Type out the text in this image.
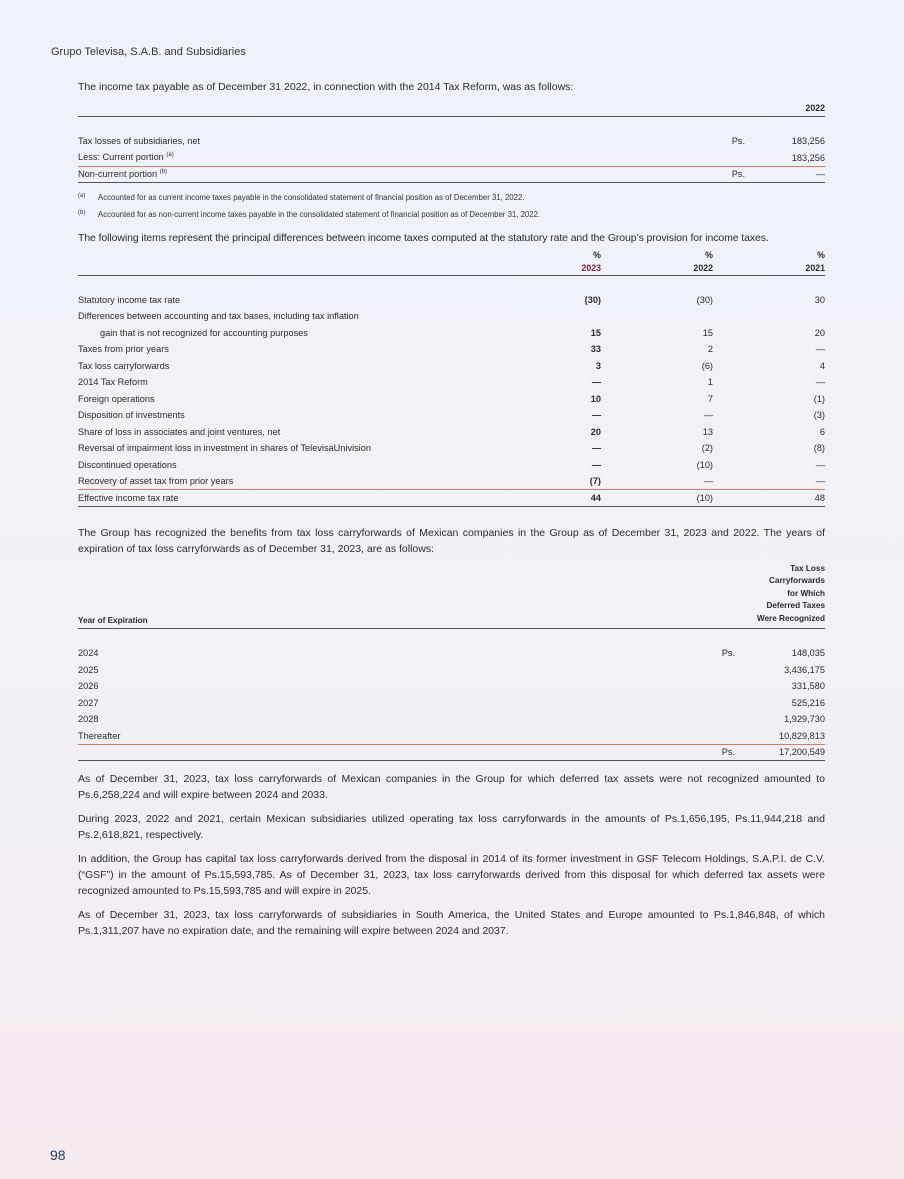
Grupo Televisa, S.A.B. and Subsidiaries

The income tax payable as of December 31 2022, in connection with the 2014 Tax Reform, was as follows:

		2022

Tax losses of subsidiaries, net	Ps.	183,256
Less: Current portion $^{(a)}$		183,256
Non-current portion $^{(b)}$	Ps.	—
(a)	Accounted for as current income taxes payable in the consolidated statement of financial position as of December 31, 2022.
(b)	Accounted for as non-current income taxes payable in the consolidated statement of financial position as of December 31, 2022.

The following items represent the principal differences between income taxes computed at the statutory rate and the Group’s provision for income taxes.

	%	%	%
	2023	2022	2021

Statutory income tax rate	(30)	(30)	30
Differences between accounting and tax bases, including tax inflation			
gain that is not recognized for accounting purposes	15	15	20
Taxes from prior years	33	2	—
Tax loss carryforwards	3	(6)	4
2014 Tax Reform	—	1	—
Foreign operations	10	7	(1)
Disposition of investments	—	—	(3)
Share of loss in associates and joint ventures, net	20	13	6
Reversal of impairment loss in investment in shares of TelevisaUnivision	—	(2)	(8)
Discontinued operations	—	(10)	—
Recovery of asset tax from prior years	(7)	—	—
Effective income tax rate	44	(10)	48

The Group has recognized the benefits from tax loss carryforwards of Mexican companies in the Group as of December 31, 2023 and 2022. The years of expiration of tax loss carryforwards as of December 31, 2023, are as follows:

Year of Expiration		Tax Loss
Carryforwards
for Which
Deferred Taxes
Were Recognized

2024	Ps.	148,035
2025		3,436,175
2026		331,580
2027		525,216
2028		1,929,730
Thereafter		10,829,813
	Ps.	17,200,549

As of December 31, 2023, tax loss carryforwards of Mexican companies in the Group for which deferred tax assets were not recognized amounted to Ps.6,258,224 and will expire between 2024 and 2033.

During 2023, 2022 and 2021, certain Mexican subsidiaries utilized operating tax loss carryforwards in the amounts of Ps.1,656,195, Ps.11,944,218 and Ps.2,618,821, respectively.

In addition, the Group has capital tax loss carryforwards derived from the disposal in 2014 of its former investment in GSF Telecom Holdings, S.A.P.I. de C.V. (“GSF”) in the amount of Ps.15,593,785. As of December 31, 2023, tax loss carryforwards derived from this disposal for which deferred tax assets were recognized amounted to Ps.15,593,785 and will expire in 2025.

As of December 31, 2023, tax loss carryforwards of subsidiaries in South America, the United States and Europe amounted to Ps.1,846,848, of which Ps.1,311,207 have no expiration date, and the remaining will expire between 2024 and 2037.

98
